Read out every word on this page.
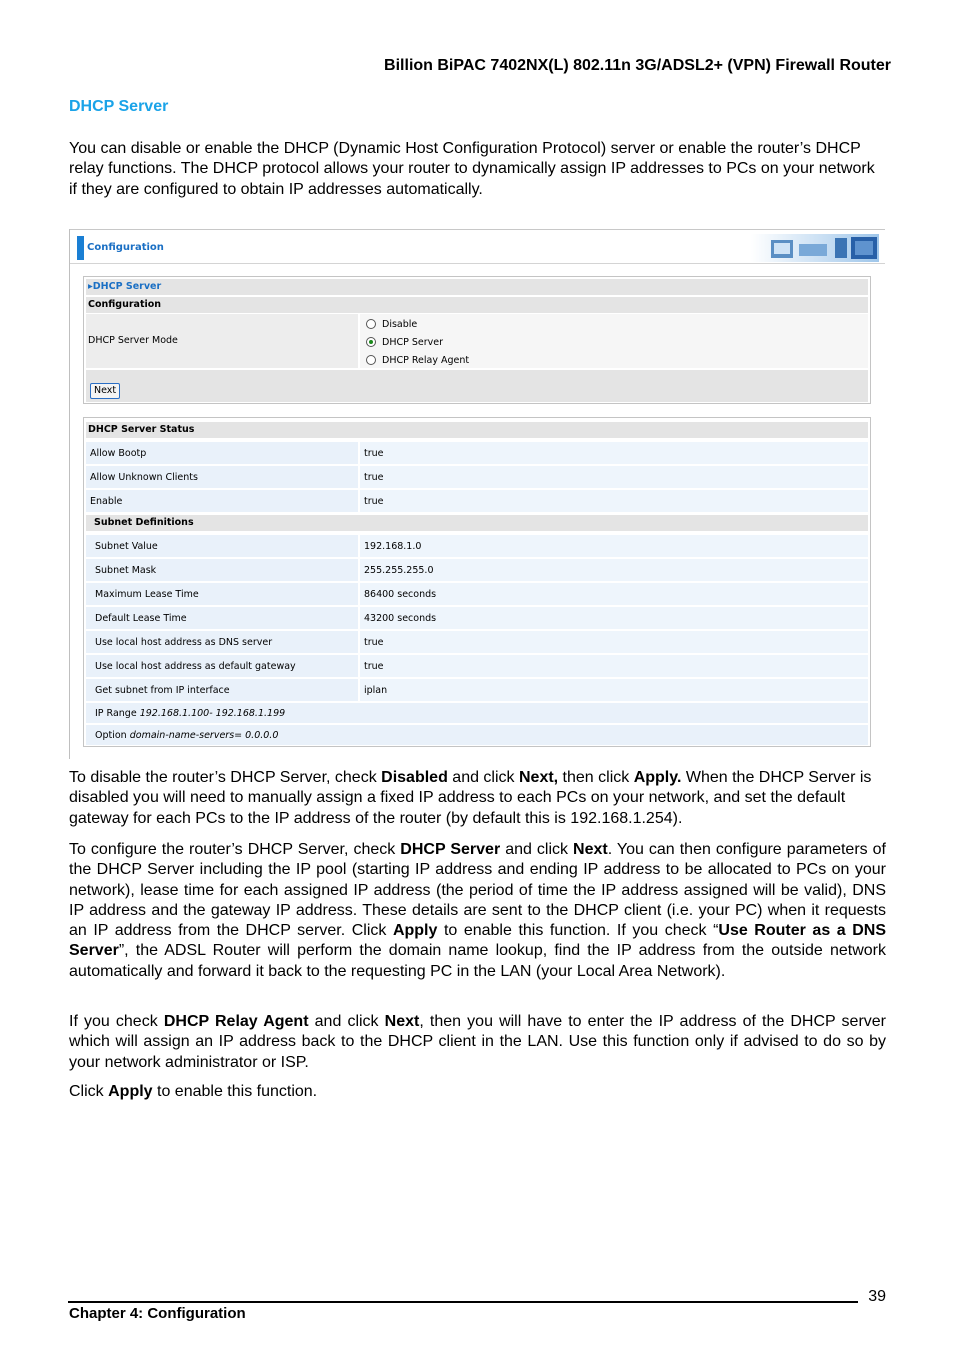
Billion BiPAC 7402NX(L) 802.11n 3G/ADSL2+ (VPN) Firewall Router
DHCP Server

You can disable or enable the DHCP (Dynamic Host Configuration Protocol) server or enable the router’s DHCP relay functions. The DHCP protocol allows your router to dynamically assign IP addresses to PCs on your network if they are configured to obtain IP addresses automatically.

Configuration
▸DHCP Server
Configuration
DHCP Server Mode
Disable
DHCP Server
DHCP Relay Agent
Next
DHCP Server Status
Allow Bootp	true
Allow Unknown Clients	true
Enable	true
Subnet Definitions
Subnet Value	192.168.1.0
Subnet Mask	255.255.255.0
Maximum Lease Time	86400 seconds
Default Lease Time	43200 seconds
Use local host address as DNS server	true
Use local host address as default gateway	true
Get subnet from IP interface	iplan
IP Range 192.168.1.100- 192.168.1.199
Option domain-name-servers= 0.0.0.0

To disable the router’s DHCP Server, check Disabled and click Next, then click Apply. When the DHCP Server is disabled you will need to manually assign a fixed IP address to each PCs on your network, and set the default gateway for each PCs to the IP address of the router (by default this is 192.168.1.254).

To configure the router’s DHCP Server, check DHCP Server and click Next. You can then configure parameters of the DHCP Server including the IP pool (starting IP address and ending IP address to be allocated to PCs on your network), lease time for each assigned IP address (the period of time the IP address assigned will be valid), DNS IP address and the gateway IP address. These details are sent to the DHCP client (i.e. your PC) when it requests an IP address from the DHCP server. Click Apply to enable this function. If you check “Use Router as a DNS Server”, the ADSL Router will perform the domain name lookup, find the IP address from the outside network automatically and forward it back to the requesting PC in the LAN (your Local Area Network).

If you check DHCP Relay Agent and click Next, then you will have to enter the IP address of the DHCP server which will assign an IP address back to the DHCP client in the LAN. Use this function only if advised to do so by your network administrator or ISP.

Click Apply to enable this function.

39
Chapter 4: Configuration
